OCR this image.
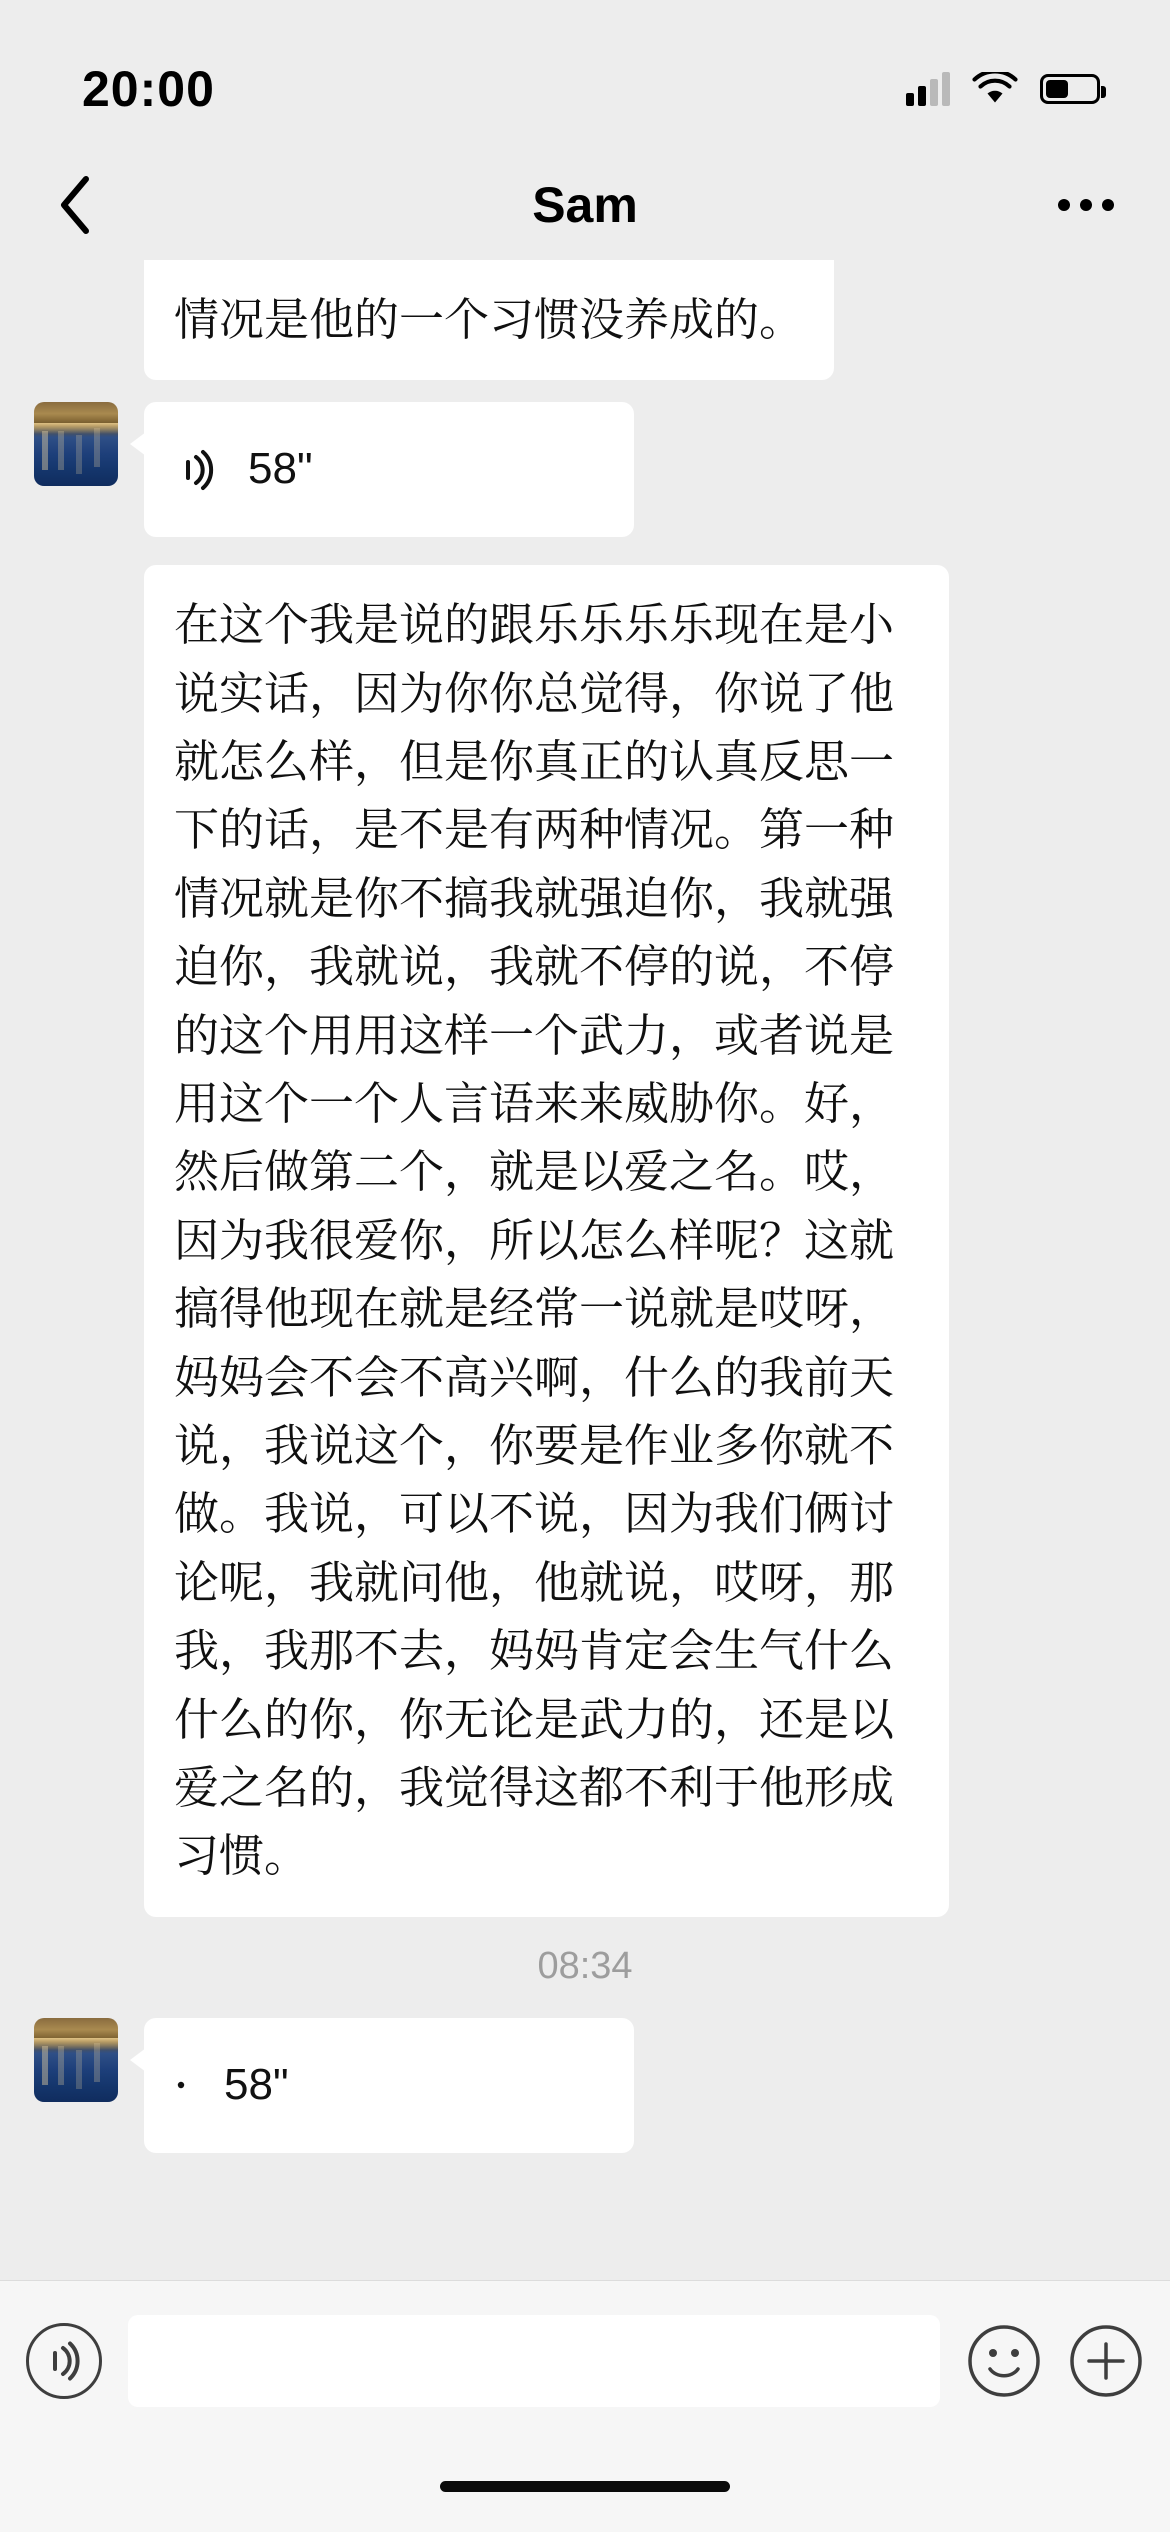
20:00
Sam
情况是他的一个习惯没养成的。
58"
在这个我是说的跟乐乐乐乐现在是小说实话，因为你你总觉得，你说了他就怎么样，但是你真正的认真反思一下的话，是不是有两种情况。第一种情况就是你不搞我就强迫你，我就强迫你，我就说，我就不停的说，不停的这个用用这样一个武力，或者说是用这个一个人言语来来威胁你。好，然后做第二个，就是以爱之名。哎，因为我很爱你，所以怎么样呢？这就搞得他现在就是经常一说就是哎呀，妈妈会不会不高兴啊，什么的我前天说，我说这个，你要是作业多你就不做。我说，可以不说，因为我们俩讨论呢，我就问他，他就说，哎呀，那我，我那不去，妈妈肯定会生气什么什么的你，你无论是武力的，还是以爱之名的，我觉得这都不利于他形成习惯。
08:34
58"
